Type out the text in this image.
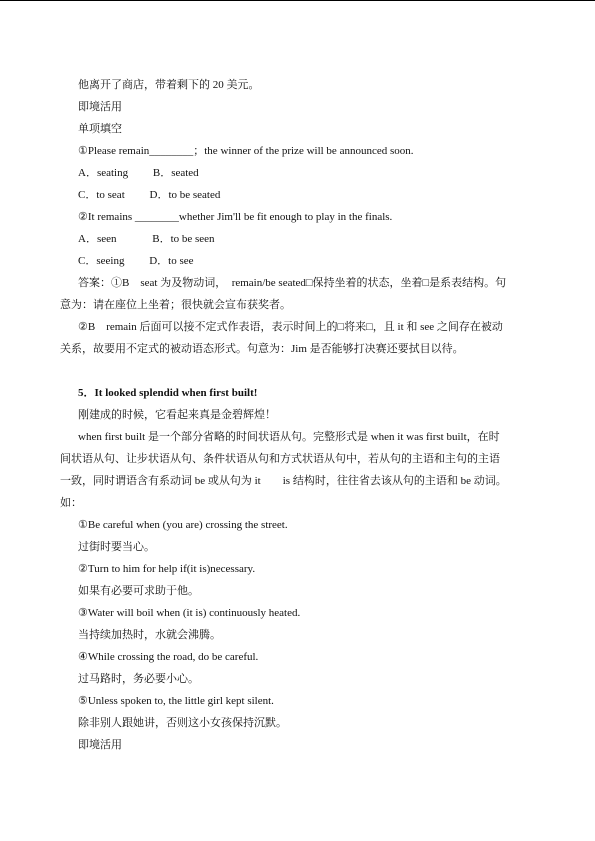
他离开了商店，带着剩下的 20 美元。
即境活用
单项填空
①Please remain________；the winner of the prize will be announced soon.
A．seating　　 B．seated
C．to seat　　 D．to be seated
②It remains ________whether Jim'll be fit enough to play in the finals.
A．seen　　　 B．to be seen
C．seeing　　 D．to see
答案：①B　seat 为及物动词，　remain/be seated□保持坐着的状态，坐着□是系表结构。句
意为：请在座位上坐着；很快就会宣布获奖者。
②B　remain 后面可以接不定式作表语，表示时间上的□将来□，且 it 和 see 之间存在被动
关系，故要用不定式的被动语态形式。句意为：Jim 是否能够打决赛还要拭目以待。
5．It looked splendid when first built!
刚建成的时候，它看起来真是金碧辉煌！
when first built 是一个部分省略的时间状语从句。完整形式是 when it was first built，在时
间状语从句、让步状语从句、条件状语从句和方式状语从句中，若从句的主语和主句的主语
一致，同时谓语含有系动词 be 或从句为 it　　is 结构时，往往省去该从句的主语和 be 动词。
如：
①Be careful when (you are) crossing the street.
过街时要当心。
②Turn to him for help if(it is)necessary.
如果有必要可求助于他。
③Water will boil when (it is) continuously heated.
当持续加热时，水就会沸腾。
④While crossing the road, do be careful.
过马路时，务必要小心。
⑤Unless spoken to, the little girl kept silent.
除非别人跟她讲，否则这小女孩保持沉默。
即境活用
